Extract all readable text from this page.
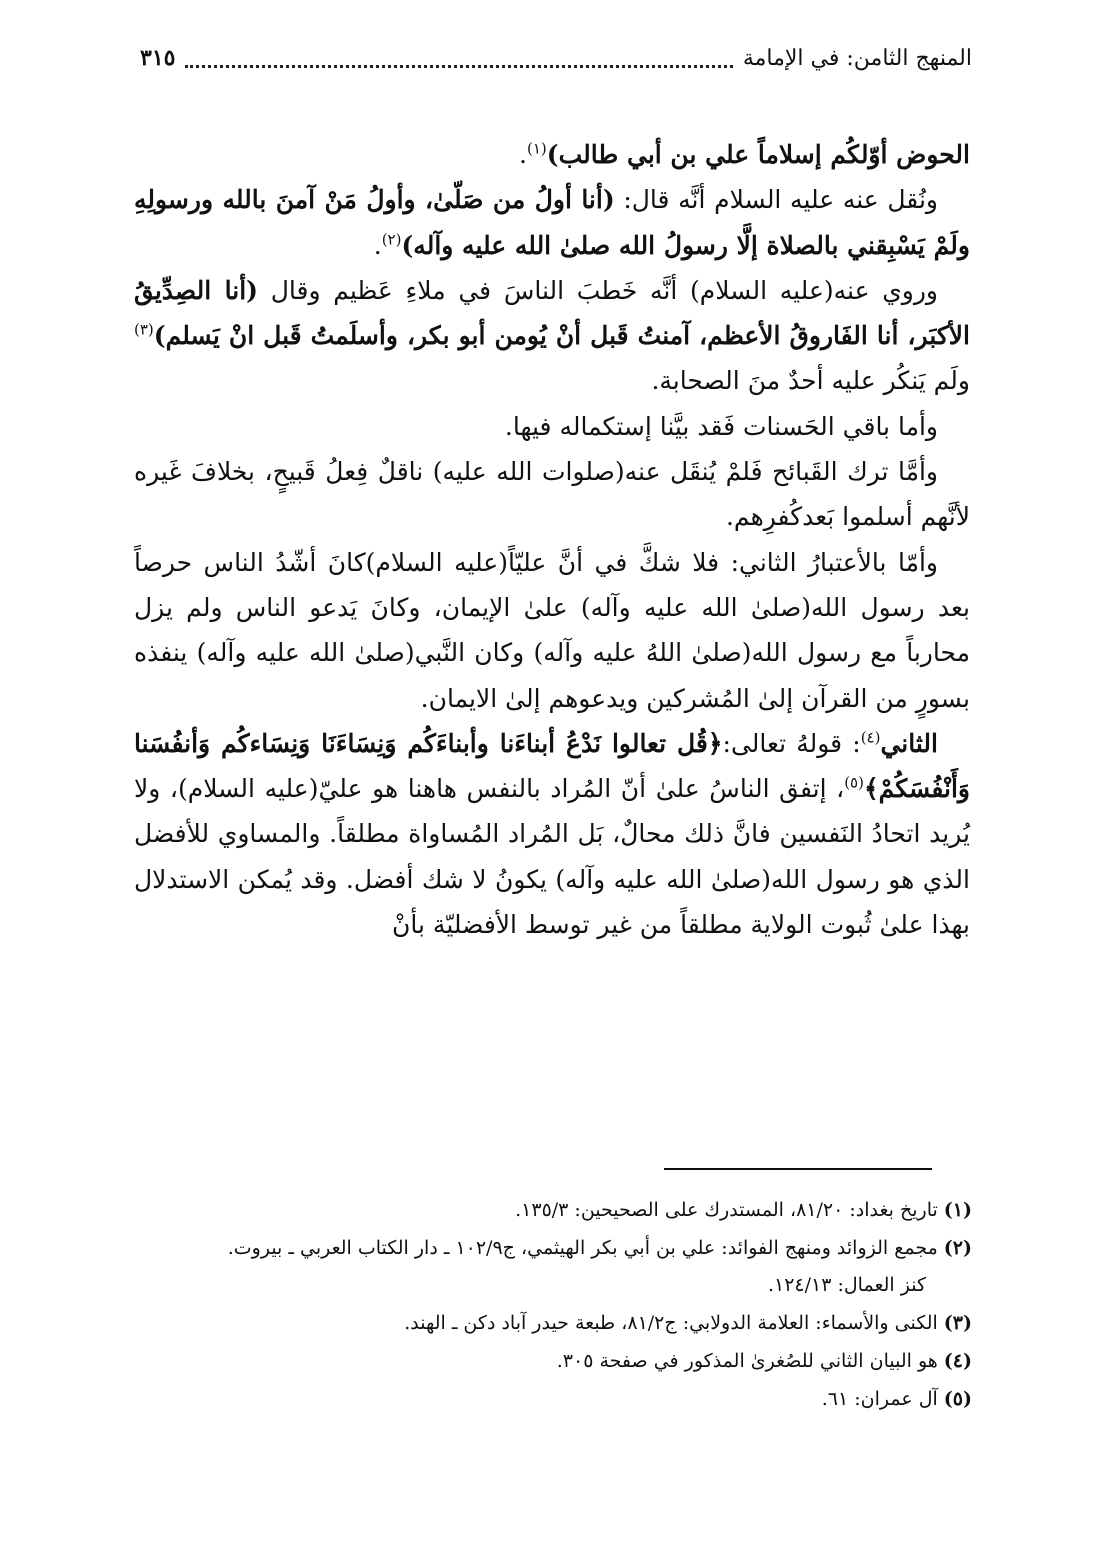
المنهج الثامن: في الإمامة
٣١٥

الحوض أوّلكُم إسلاماً علي بن أبي طالب)$^{(١)}$.

ونُقل عنه عليه السلام أنَّه قال: (أنا أولُ من صَلّىٰ، وأولُ مَنْ آمنَ بالله ورسولِهِ ولَمْ يَسْبِقني بالصلاة إلَّا رسولُ الله صلىٰ الله عليه وآله)$^{(٢)}$.

وروي عنه(عليه السلام) أنَّه خَطبَ الناسَ في ملاءِ عَظيم وقال (أنا الصِدِّيقُ الأكبَر، أنا الفَاروقُ الأعظم، آمنتُ قَبل أنْ يُومن أبو بكر، وأسلَمتُ قَبل انْ يَسلم)$^{(٣)}$ ولَم يَنكُر عليه أحدٌ منَ الصحابة.

وأما باقي الحَسنات فَقد بيَّنا إستكماله فيها.

وأمَّا ترك القَبائح فَلمْ يُنقَل عنه(صلوات الله عليه) ناقلٌ فِعلُ قَبيحٍ، بخلافَ غَيره لأنَّهم أسلموا بَعدكُفرِهم.

وأمّا بالأعتبارُ الثاني: فلا شكَّ في أنَّ عليّاً(عليه السلام)كانَ أشّدُ الناس حرصاً بعد رسول الله(صلىٰ الله عليه وآله) علىٰ الإيمان، وكانَ يَدعو الناس ولم يزل محارباً مع رسول الله(صلىٰ اللهُ عليه وآله) وكان النَّبي(صلىٰ الله عليه وآله) ينفذه بسورٍ من القرآن إلىٰ المُشركين ويدعوهم إلىٰ الايمان.

الثاني$^{(٤)}$: قولهُ تعالى:﴿قُل تعالوا نَدْعُ أبناءَنا وأبناءَكُم وَنِسَاءَنَا وَنِسَاءكُم وَأنفُسَنا وَأَنْفُسَكُمْ﴾$^{(٥)}$، إتفق الناسُ علىٰ أنّ المُراد بالنفس هاهنا هو عليّ(عليه السلام)، ولا يُريد اتحادُ النَفسين فانَّ ذلك محالٌ، بَل المُراد المُساواة مطلقاً. والمساوي للأفضل الذي هو رسول الله(صلىٰ الله عليه وآله) يكونُ لا شك أفضل. وقد يُمكن الاستدلال بهذا علىٰ ثُبوت الولاية مطلقاً من غير توسط الأفضليّة بأنْ

(١)تاريخ بغداد: ٨١/٢٠، المستدرك على الصحيحين: ١٣٥/٣.
(٢)مجمع الزوائد ومنهج الفوائد: علي بن أبي بكر الهيثمي، ج١٠٢/٩ ـ دار الكتاب العربي ـ بيروت.
كنز العمال: ١٢٤/١٣.
(٣)الكنى والأسماء: العلامة الدولابي: ج٨١/٢، طبعة حيدر آباد دكن ـ الهند.
(٤)هو البيان الثاني للصُغرىٰ المذكور في صفحة ٣٠٥.
(٥)آل عمران: ٦١.
